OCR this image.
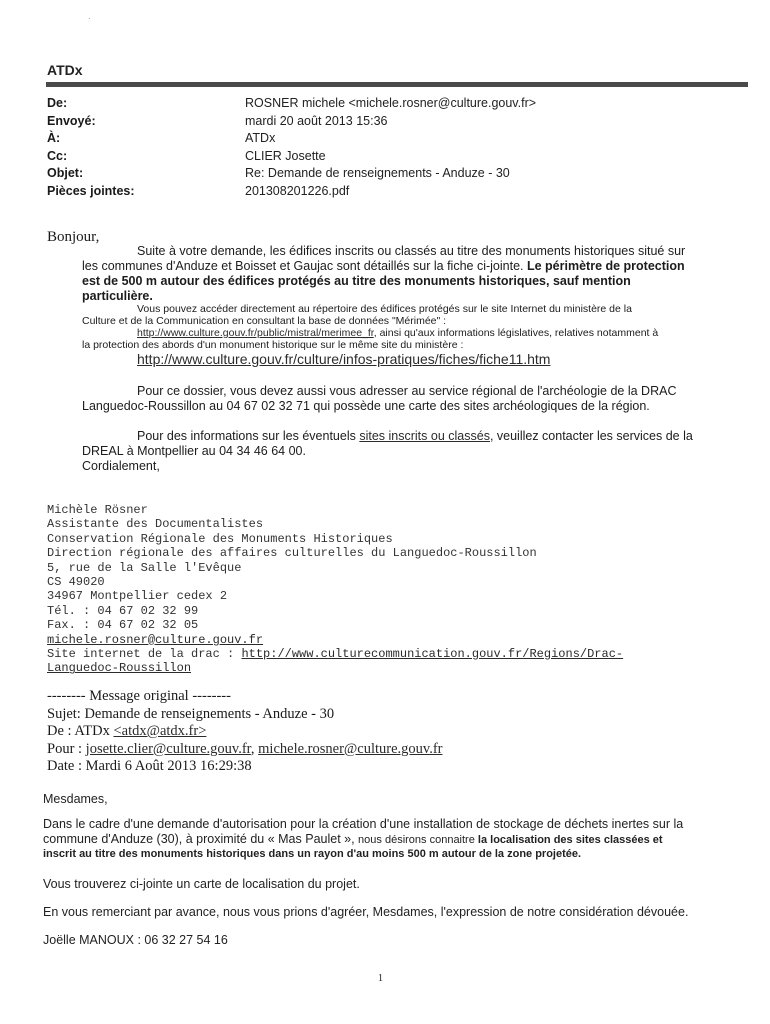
·
ATDx
De:
Envoyé:
À:
Cc:
Objet:
Pièces jointes:
ROSNER michele <michele.rosner@culture.gouv.fr>
mardi 20 août 2013 15:36
ATDx
CLIER Josette
Re: Demande de renseignements - Anduze - 30
201308201226.pdf
Bonjour,
Suite à votre demande, les édifices inscrits ou classés au titre des monuments historiques situé sur
les communes d'Anduze et Boisset et Gaujac sont détaillés sur la fiche ci-jointe. Le périmètre de protection
est de 500 m autour des édifices protégés au titre des monuments historiques, sauf mention
particulière.
Vous pouvez accéder directement au répertoire des édifices protégés sur le site Internet du ministère de la
Culture et de la Communication en consultant la base de données "Mérimée" :
http://www.culture.gouv.fr/public/mistral/merimee_fr, ainsi qu'aux informations législatives, relatives notamment à
la protection des abords d'un monument historique sur le même site du ministère :
http://www.culture.gouv.fr/culture/infos-pratiques/fiches/fiche11.htm
Pour ce dossier, vous devez aussi vous adresser au service régional de l'archéologie de la DRAC
Languedoc-Roussillon au 04 67 02 32 71 qui possède une carte des sites archéologiques de la région.
Pour des informations sur les éventuels sites inscrits ou classés, veuillez contacter les services de la
DREAL à Montpellier au 04 34 46 64 00.
Cordialement,
Michèle Rösner
Assistante des Documentalistes
Conservation Régionale des Monuments Historiques
Direction régionale des affaires culturelles du Languedoc-Roussillon
5, rue de la Salle l'Evêque
CS 49020
34967 Montpellier cedex 2
Tél. : 04 67 02 32 99
Fax. : 04 67 02 32 05
michele.rosner@culture.gouv.fr
Site internet de la drac : http://www.culturecommunication.gouv.fr/Regions/Drac-
Languedoc-Roussillon
-------- Message original --------
Sujet: Demande de renseignements - Anduze - 30
De : ATDx <atdx@atdx.fr>
Pour : josette.clier@culture.gouv.fr, michele.rosner@culture.gouv.fr
Date : Mardi 6 Août 2013 16:29:38
Mesdames,
Dans le cadre d'une demande d'autorisation pour la création d'une installation de stockage de déchets inertes sur la
commune d'Anduze (30), à proximité du « Mas Paulet », nous désirons connaitre la localisation des sites classées et
inscrit au titre des monuments historiques dans un rayon d'au moins 500 m autour de la zone projetée.
Vous trouverez ci-jointe un carte de localisation du projet.
En vous remerciant par avance, nous vous prions d'agréer, Mesdames, l'expression de notre considération dévouée.
Joëlle MANOUX : 06 32 27 54 16
1
